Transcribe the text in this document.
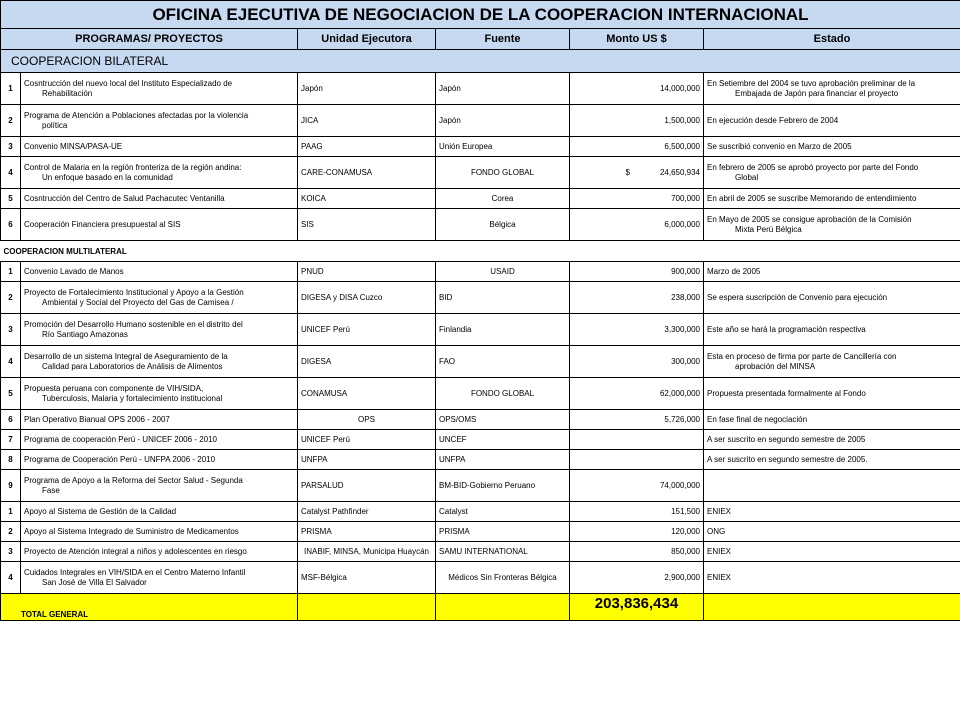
OFICINA EJECUTIVA DE NEGOCIACION DE LA COOPERACION INTERNACIONAL					
PROGRAMAS/ PROYECTOS		Unidad Ejecutora	Fuente	Monto US $	Estado
COOPERACION BILATERAL					
1	Cosntrucción del nuevo local del Instituto Especializado de
Rehabilitación	Japón	Japón	14,000,000	En Setiembre del 2004 se tuvo aprobación preliminar de la
Embajada de Japón para financiar el proyecto

2	Programa de Atención a Poblaciones afectadas por la violencia
política	JICA	Japón	1,500,000	En ejecución desde Febrero de 2004
3	Convenio MINSA/PASA-UE	PAAG	Unión Europea	6,500,000	Se suscribió convenio en Marzo de 2005
4	Control de Malaria en la región fronteriza de la región andina:
Un enfoque basado en la comunidad	CARE-CONAMUSA	FONDO GLOBAL	$ 24,650,934	En febrero de 2005 se aprobó proyecto por parte del Fondo
Global

5	Cosntrucción del Centro de Salud Pachacutec Ventanilla	KOICA	Corea	700,000	En abril de 2005 se suscribe Memorando de entendimiento
6	Cooperación Financiera presupuestal al SIS	SIS	Bélgica	6,000,000	En Mayo de 2005 se consigue aprobación de la Comisión
Mixta Perú Bélgica

COOPERACION MULTILATERAL					
1	Convenio Lavado de Manos	PNUD	USAID	900,000	Marzo de 2005
2	Proyecto de Fortalecimiento Institucional y Apoyo a la Gestión
Ambiental y Social del Proyecto del Gas de Camisea /	DIGESA y DISA Cuzco	BID	238,000	Se espera suscripción de Convenio para ejecución
3	Promoción del Desarrollo Humano sostenible en el distrito del
Río Santiago Amazonas	UNICEF Perú	Finlandia	3,300,000	Este año se hará la programación respectiva
4	Desarrollo de un sistema Integral de Aseguramiento de la
Calidad para Laboratorios de Análisis de Alimentos	DIGESA	FAO	300,000	Esta en proceso de firma por parte de Cancillería con
aprobación del MINSA

5	Propuesta peruana con componente de VIH/SIDA,
Tuberculosis, Malaria y fortalecimiento institucional	CONAMUSA	FONDO GLOBAL	62,000,000	Propuesta presentada formalmente al Fondo
6	Plan Operativo Bianual OPS 2006 - 2007	OPS	OPS/OMS	5,726,000	En fase final de negociación
7	Programa de cooperación Perú - UNICEF 2006 - 2010	UNICEF Perú	UNCEF		A ser suscrito en segundo semestre de 2005
8	Programa de Cooperación Perú - UNFPA 2006 - 2010	UNFPA	UNFPA		A ser suscrito en segundo semestre de 2005.
9	Programa de Apoyo a la Reforma del Sector Salud - Segunda
Fase	PARSALUD	BM-BID-Gobierno Peruano	74,000,000	
1	Apoyo al Sistema de Gestión de la Calidad	Catalyst Pathfinder	Catalyst	151,500	ENIEX
2	Apoyo al Sistema Integrado de Suministro de Medicamentos	PRISMA	PRISMA	120,000	ONG
3	Proyecto de Atención integral a niños y adolescentes en riesgo	INABIF, MINSA, Municipa Huaycán	SAMU INTERNATIONAL	850,000	ENIEX
4	Cuidados Integrales en VIH/SIDA en el Centro Materno Infantil
San José de Villa El Salvador	MSF-Bélgica	Médicos Sin Fronteras Bélgica	2,900,000	ENIEX
TOTAL GENERAL				203,836,434	
